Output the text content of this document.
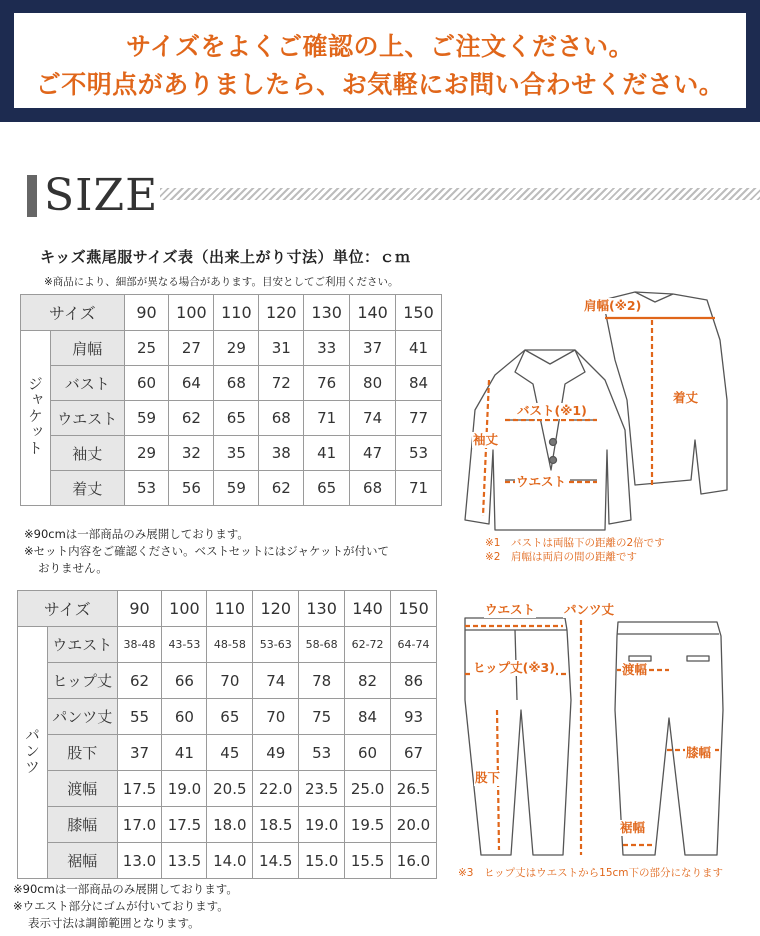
サイズをよくご確認の上、ご注文ください。
ご不明点がありましたら、お気軽にお問い合わせください。
SIZE
キッズ燕尾服サイズ表（出来上がり寸法）単位：ｃｍ
※商品により、細部が異なる場合があります。目安としてご利用ください。
サイズ		90	100	110	120	130	140	150
ジャケット	肩幅	25	27	29	31	33	37	41
	バスト	60	64	68	72	76	80	84
	ウエスト	59	62	65	68	71	74	77
	袖丈	29	32	35	38	41	47	53
	着丈	53	56	59	62	65	68	71
※90cmは一部商品のみ展開しております。
※セット内容をご確認ください。ベストセットにはジャケットが付いて
おりません。
肩幅(※2)
着丈
バスト(※1)
袖丈
ウエスト
※1　バストは両脇下の距離の2倍です
※2　肩幅は両肩の間の距離です
サイズ		90	100	110	120	130	140	150
パンツ	ウエスト	38-48	43-53	48-58	53-63	58-68	62-72	64-74
	ヒップ丈	62	66	70	74	78	82	86
	パンツ丈	55	60	65	70	75	84	93
	股下	37	41	45	49	53	60	67
	渡幅	17.5	19.0	20.5	22.0	23.5	25.0	26.5
	膝幅	17.0	17.5	18.0	18.5	19.0	19.5	20.0
	裾幅	13.0	13.5	14.0	14.5	15.0	15.5	16.0
※90cmは一部商品のみ展開しております。
※ウエスト部分にゴムが付いております。
表示寸法は調節範囲となります。
ウエスト パンツ丈
ヒップ丈(※3)	渡幅
股下
膝幅
裾幅
※3　ヒップ丈はウエストから15cm下の部分になります
